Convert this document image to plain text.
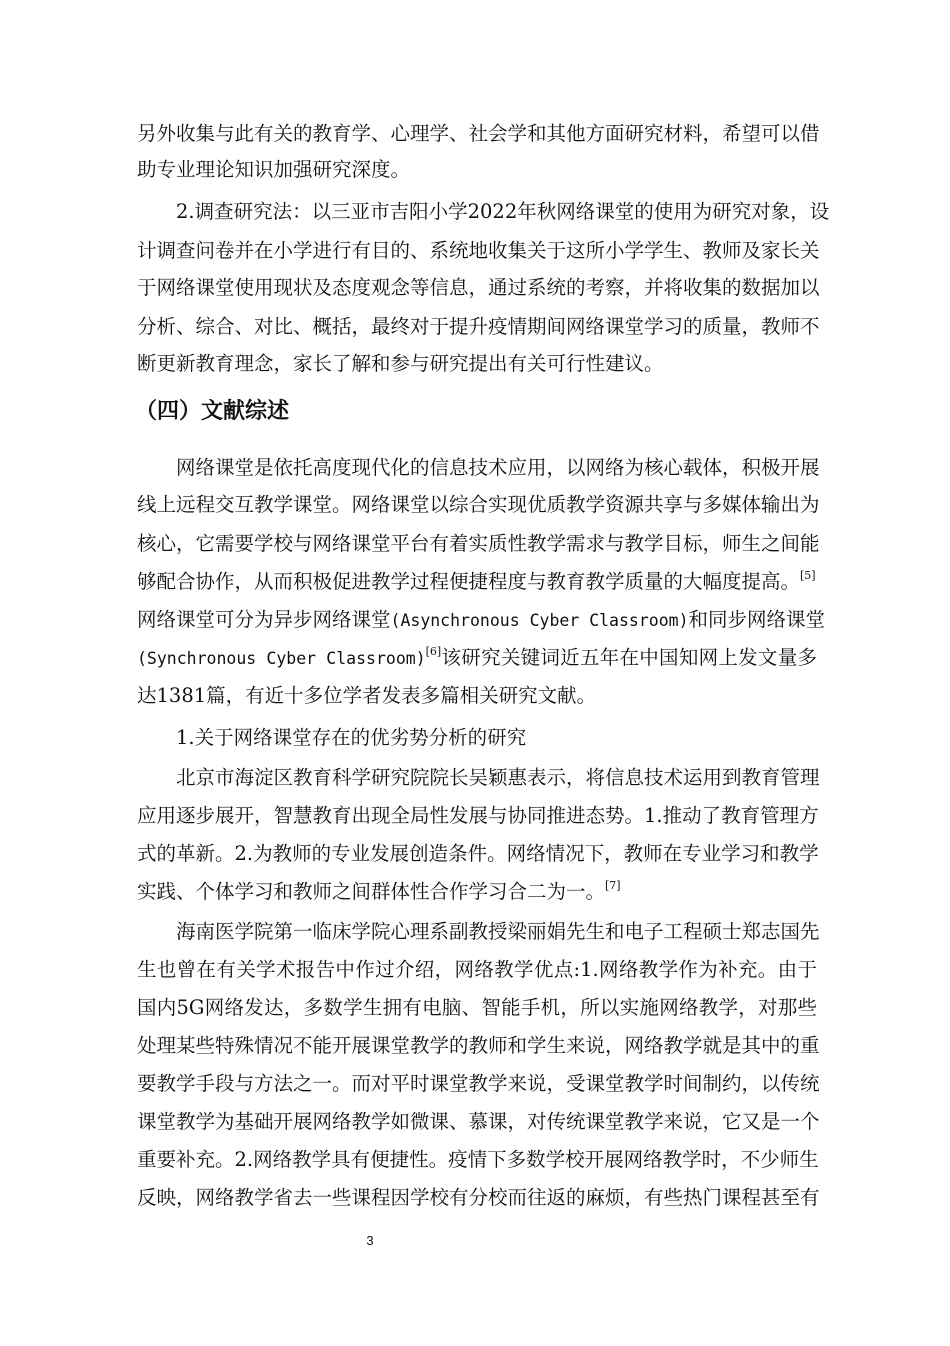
另外收集与此有关的教育学、心理学、社会学和其他方面研究材料，希望可以借
助专业理论知识加强研究深度。
2.调查研究法：以三亚市吉阳小学2022年秋网络课堂的使用为研究对象，设
计调查问卷并在小学进行有目的、系统地收集关于这所小学学生、教师及家长关
于网络课堂使用现状及态度观念等信息，通过系统的考察，并将收集的数据加以
分析、综合、对比、概括，最终对于提升疫情期间网络课堂学习的质量，教师不
断更新教育理念，家长了解和参与研究提出有关可行性建议。
（四）文献综述
网络课堂是依托高度现代化的信息技术应用，以网络为核心载体，积极开展
线上远程交互教学课堂。网络课堂以综合实现优质教学资源共享与多媒体输出为
核心，它需要学校与网络课堂平台有着实质性教学需求与教学目标，师生之间能
够配合协作，从而积极促进教学过程便捷程度与教育教学质量的大幅度提高。[5]
网络课堂可分为异步网络课堂(Asynchronous Cyber Classroom)和同步网络课堂
(Synchronous Cyber Classroom)[6]该研究关键词近五年在中国知网上发文量多
达1381篇，有近十多位学者发表多篇相关研究文献。
1.关于网络课堂存在的优劣势分析的研究
北京市海淀区教育科学研究院院长吴颖惠表示，将信息技术运用到教育管理
应用逐步展开，智慧教育出现全局性发展与协同推进态势。1.推动了教育管理方
式的革新。2.为教师的专业发展创造条件。网络情况下，教师在专业学习和教学
实践、个体学习和教师之间群体性合作学习合二为一。[7]
海南医学院第一临床学院心理系副教授梁丽娟先生和电子工程硕士郑志国先
生也曾在有关学术报告中作过介绍，网络教学优点:1.网络教学作为补充。由于
国内5G网络发达，多数学生拥有电脑、智能手机，所以实施网络教学，对那些
处理某些特殊情况不能开展课堂教学的教师和学生来说，网络教学就是其中的重
要教学手段与方法之一。而对平时课堂教学来说，受课堂教学时间制约，以传统
课堂教学为基础开展网络教学如微课、慕课，对传统课堂教学来说，它又是一个
重要补充。2.网络教学具有便捷性。疫情下多数学校开展网络教学时，不少师生
反映，网络教学省去一些课程因学校有分校而往返的麻烦，有些热门课程甚至有
3
